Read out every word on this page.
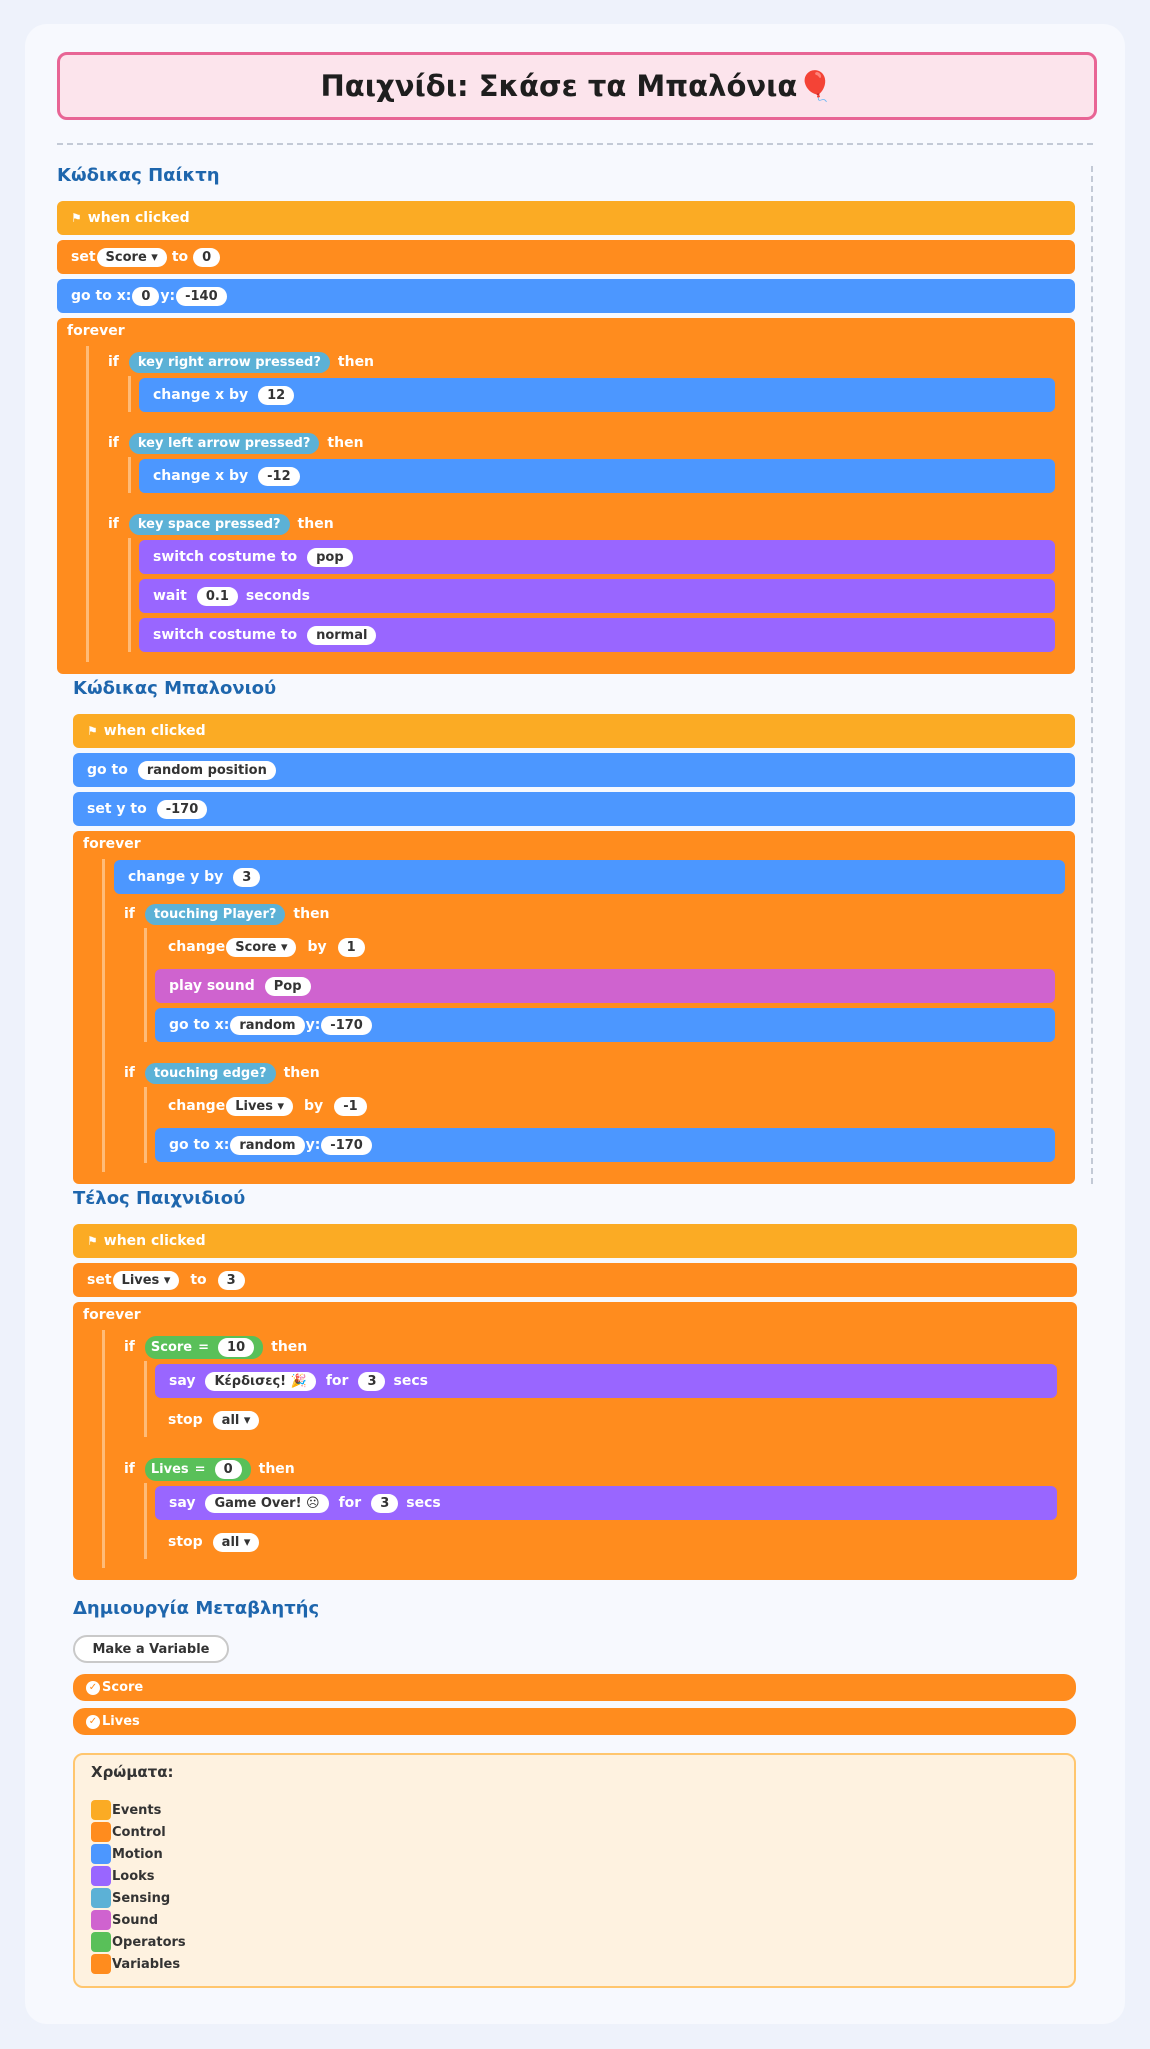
Παιχνίδι: Σκάσε τα Μπαλόνια🎈
Κώδικας Παίκτη
⚑ when clicked
set Score ▾	to	0
go to x: 0 y: -140
forever
if	key right arrow pressed?	then
change x by	12
if	key left arrow pressed?	then
change x by	-12
if	key space pressed?	then
switch costume to	pop
wait	0.1	seconds
switch costume to	normal
Κώδικας Μπαλονιού
⚑ when clicked
go to	random position
set y to	-170
forever
change y by	3
if	touching Player?	then
change Score ▾	by	1
play sound	Pop
go to x: random y: -170
if	touching edge?	then
change Lives ▾	by	-1
go to x: random y: -170
Τέλος Παιχνιδιού
⚑ when clicked
set Lives ▾	to	3
forever
if Score =	10	then
say	Κέρδισες! 🎉	for	3	secs
stop	all ▾
if Lives =	0	then
say	Game Over! ☹	for	3	secs
stop	all ▾
Δημιουργία Μεταβλητής
Make a Variable
✓ Score
✓ Lives
Χρώματα:
Events
Control
Motion
Looks
Sensing
Sound
Operators
Variables
